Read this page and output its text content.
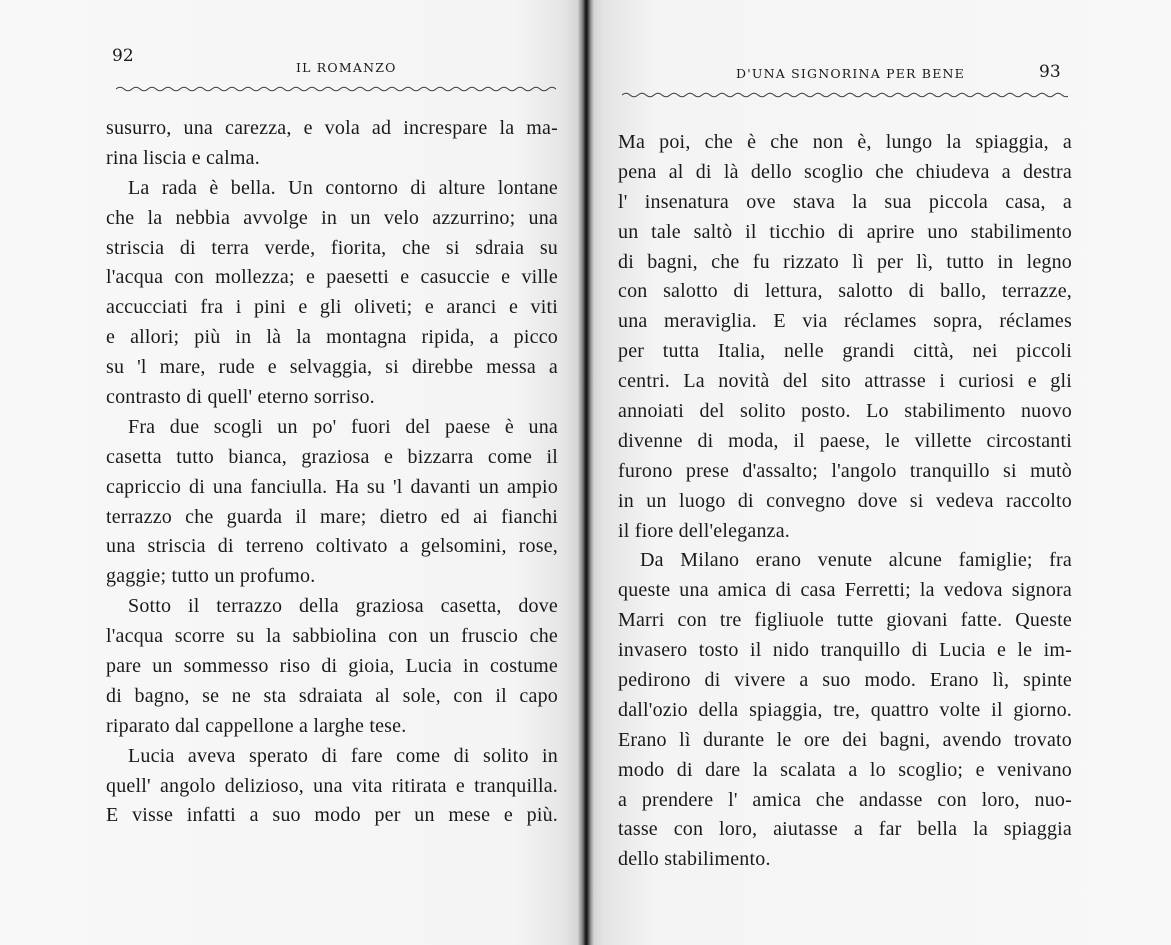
92
IL ROMANZO
susurro, una carezza, e vola ad increspare la ma-
rina liscia e calma.
La rada è bella. Un contorno di alture lontane
che la nebbia avvolge in un velo azzurrino; una
striscia di terra verde, fiorita, che si sdraia su
l'acqua con mollezza; e paesetti e casuccie e ville
accucciati fra i pini e gli oliveti; e aranci e viti
e allori; più in là la montagna ripida, a picco
su 'l mare, rude e selvaggia, si direbbe messa a
contrasto di quell' eterno sorriso.
Fra due scogli un po' fuori del paese è una
casetta tutto bianca, graziosa e bizzarra come il
capriccio di una fanciulla. Ha su 'l davanti un ampio
terrazzo che guarda il mare; dietro ed ai fianchi
una striscia di terreno coltivato a gelsomini, rose,
gaggie; tutto un profumo.
Sotto il terrazzo della graziosa casetta, dove
l'acqua scorre su la sabbiolina con un fruscio che
pare un sommesso riso di gioia, Lucia in costume
di bagno, se ne sta sdraiata al sole, con il capo
riparato dal cappellone a larghe tese.
Lucia aveva sperato di fare come di solito in
quell' angolo delizioso, una vita ritirata e tranquilla.
E visse infatti a suo modo per un mese e più.
D'UNA SIGNORINA PER BENE	93
Ma poi, che è che non è, lungo la spiaggia, a
pena al di là dello scoglio che chiudeva a destra
l' insenatura ove stava la sua piccola casa, a
un tale saltò il ticchio di aprire uno stabilimento
di bagni, che fu rizzato lì per lì, tutto in legno
con salotto di lettura, salotto di ballo, terrazze,
una meraviglia. E via réclames sopra, réclames
per tutta Italia, nelle grandi città, nei piccoli
centri. La novità del sito attrasse i curiosi e gli
annoiati del solito posto. Lo stabilimento nuovo
divenne di moda, il paese, le villette circostanti
furono prese d'assalto; l'angolo tranquillo si mutò
in un luogo di convegno dove si vedeva raccolto
il fiore dell'eleganza.
Da Milano erano venute alcune famiglie; fra
queste una amica di casa Ferretti; la vedova signora
Marri con tre figliuole tutte giovani fatte. Queste
invasero tosto il nido tranquillo di Lucia e le im-
pedirono di vivere a suo modo. Erano lì, spinte
dall'ozio della spiaggia, tre, quattro volte il giorno.
Erano lì durante le ore dei bagni, avendo trovato
modo di dare la scalata a lo scoglio; e venivano
a prendere l' amica che andasse con loro, nuo-
tasse con loro, aiutasse a far bella la spiaggia
dello stabilimento.
